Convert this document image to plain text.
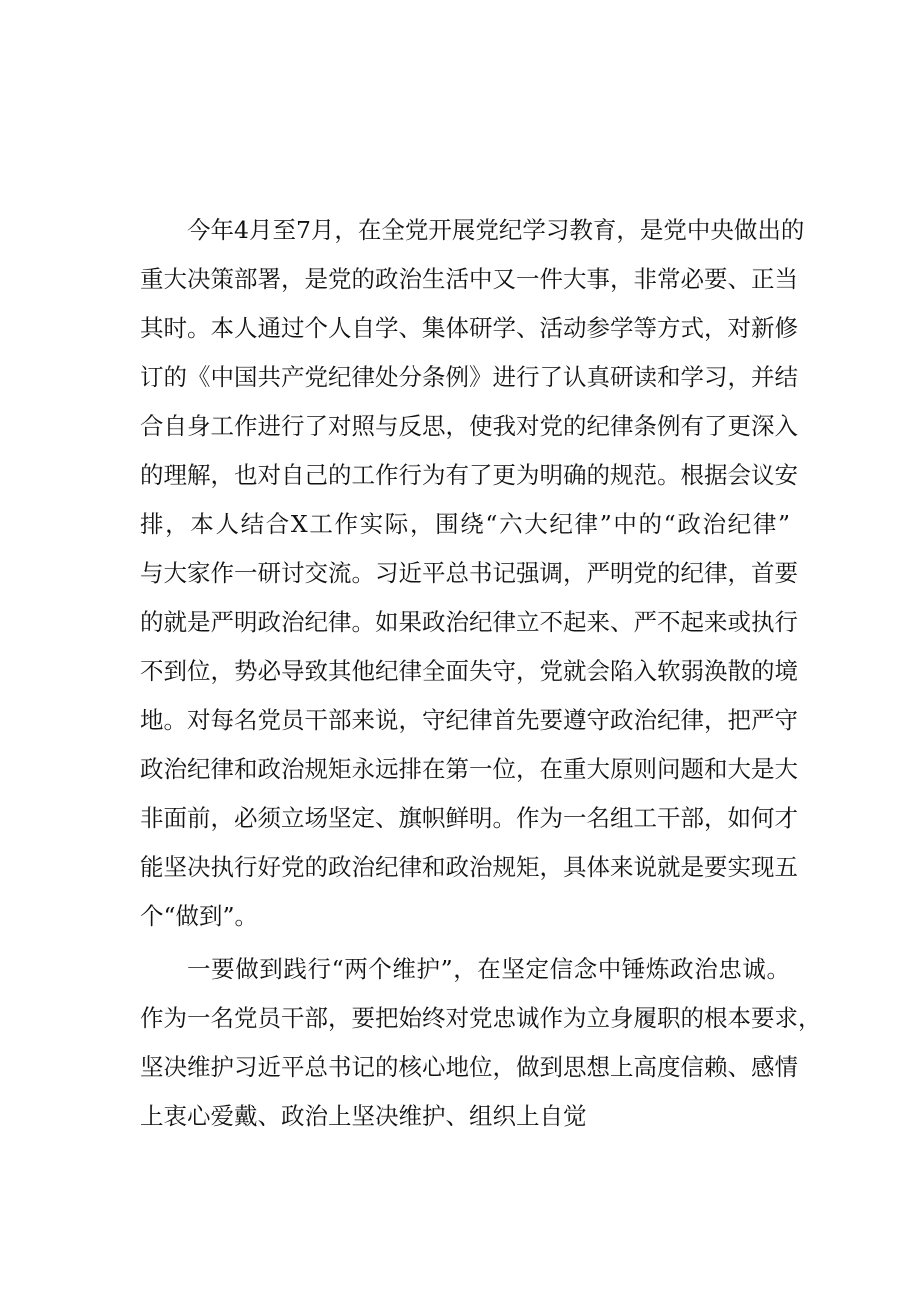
今年4月至7月，在全党开展党纪学习教育，是党中央做出的
重大决策部署，是党的政治生活中又一件大事，非常必要、正当
其时。本人通过个人自学、集体研学、活动参学等方式，对新修
订的《中国共产党纪律处分条例》进行了认真研读和学习，并结
合自身工作进行了对照与反思，使我对党的纪律条例有了更深入
的理解，也对自己的工作行为有了更为明确的规范。根据会议安
排，本人结合X工作实际，围绕“六大纪律”中的“政治纪律”
与大家作一研讨交流。习近平总书记强调，严明党的纪律，首要
的就是严明政治纪律。如果政治纪律立不起来、严不起来或执行
不到位，势必导致其他纪律全面失守，党就会陷入软弱涣散的境
地。对每名党员干部来说，守纪律首先要遵守政治纪律，把严守
政治纪律和政治规矩永远排在第一位，在重大原则问题和大是大
非面前，必须立场坚定、旗帜鲜明。作为一名组工干部，如何才
能坚决执行好党的政治纪律和政治规矩，具体来说就是要实现五
个“做到”。
一要做到践行“两个维护”，在坚定信念中锤炼政治忠诚。
作为一名党员干部，要把始终对党忠诚作为立身履职的根本要求，
坚决维护习近平总书记的核心地位，做到思想上高度信赖、感情
上衷心爱戴、政治上坚决维护、组织上自觉
